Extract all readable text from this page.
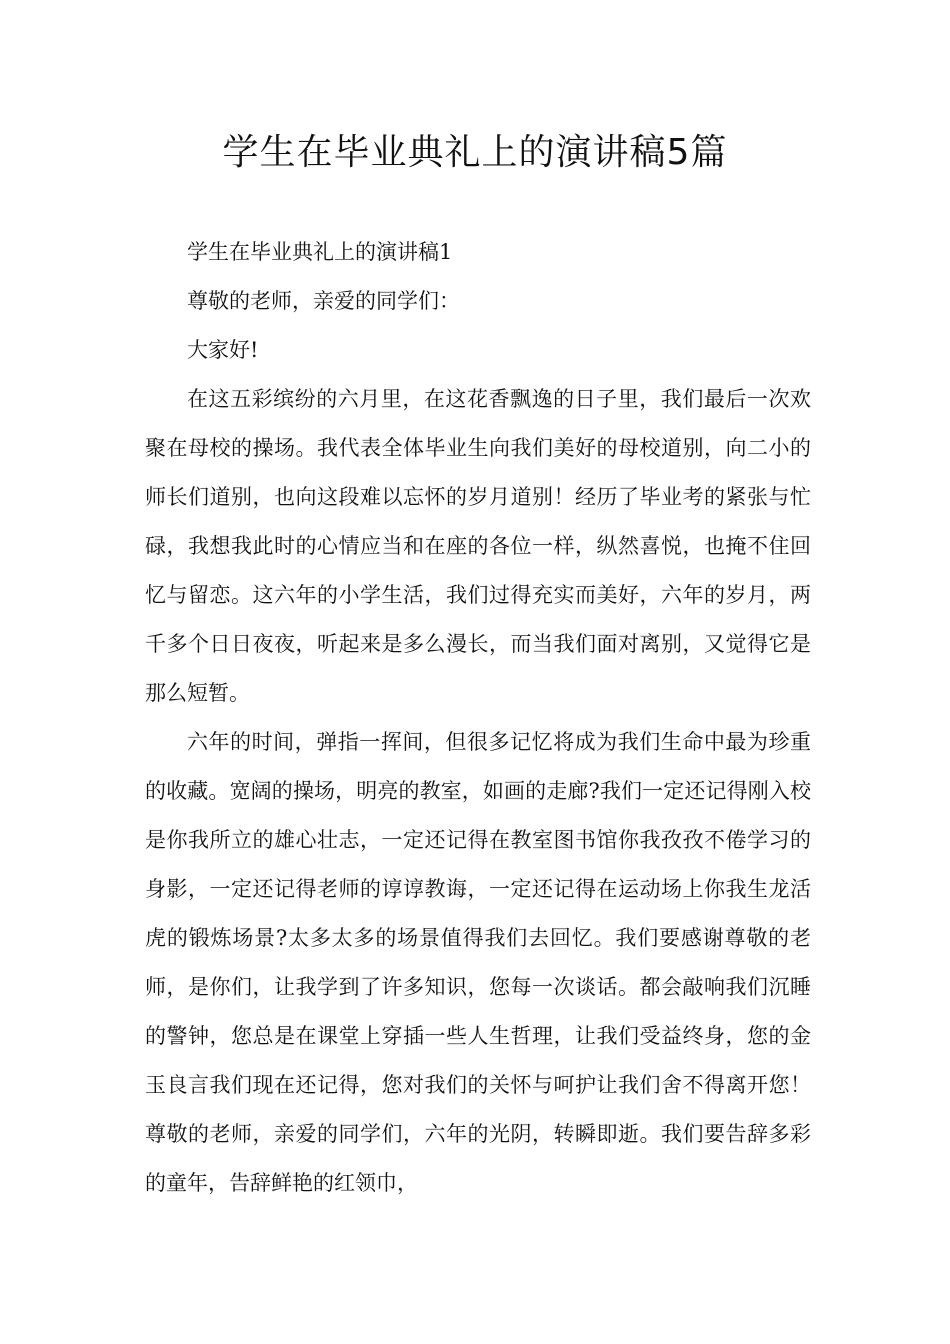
学生在毕业典礼上的演讲稿5篇

学生在毕业典礼上的演讲稿1

尊敬的老师，亲爱的同学们：

大家好!

在这五彩缤纷的六月里，在这花香飘逸的日子里，我们最后一次欢聚在母校的操场。我代表全体毕业生向我们美好的母校道别，向二小的师长们道别，也向这段难以忘怀的岁月道别！经历了毕业考的紧张与忙碌，我想我此时的心情应当和在座的各位一样，纵然喜悦，也掩不住回忆与留恋。这六年的小学生活，我们过得充实而美好，六年的岁月，两千多个日日夜夜，听起来是多么漫长，而当我们面对离别，又觉得它是那么短暂。

六年的时间，弹指一挥间，但很多记忆将成为我们生命中最为珍重的收藏。宽阔的操场，明亮的教室，如画的走廊?我们一定还记得刚入校是你我所立的雄心壮志，一定还记得在教室图书馆你我孜孜不倦学习的身影，一定还记得老师的谆谆教诲，一定还记得在运动场上你我生龙活虎的锻炼场景?太多太多的场景值得我们去回忆。我们要感谢尊敬的老师，是你们，让我学到了许多知识，您每一次谈话。都会敲响我们沉睡的警钟，您总是在课堂上穿插一些人生哲理，让我们受益终身，您的金玉良言我们现在还记得，您对我们的关怀与呵护让我们舍不得离开您！尊敬的老师，亲爱的同学们，六年的光阴，转瞬即逝。我们要告辞多彩的童年，告辞鲜艳的红领巾，
